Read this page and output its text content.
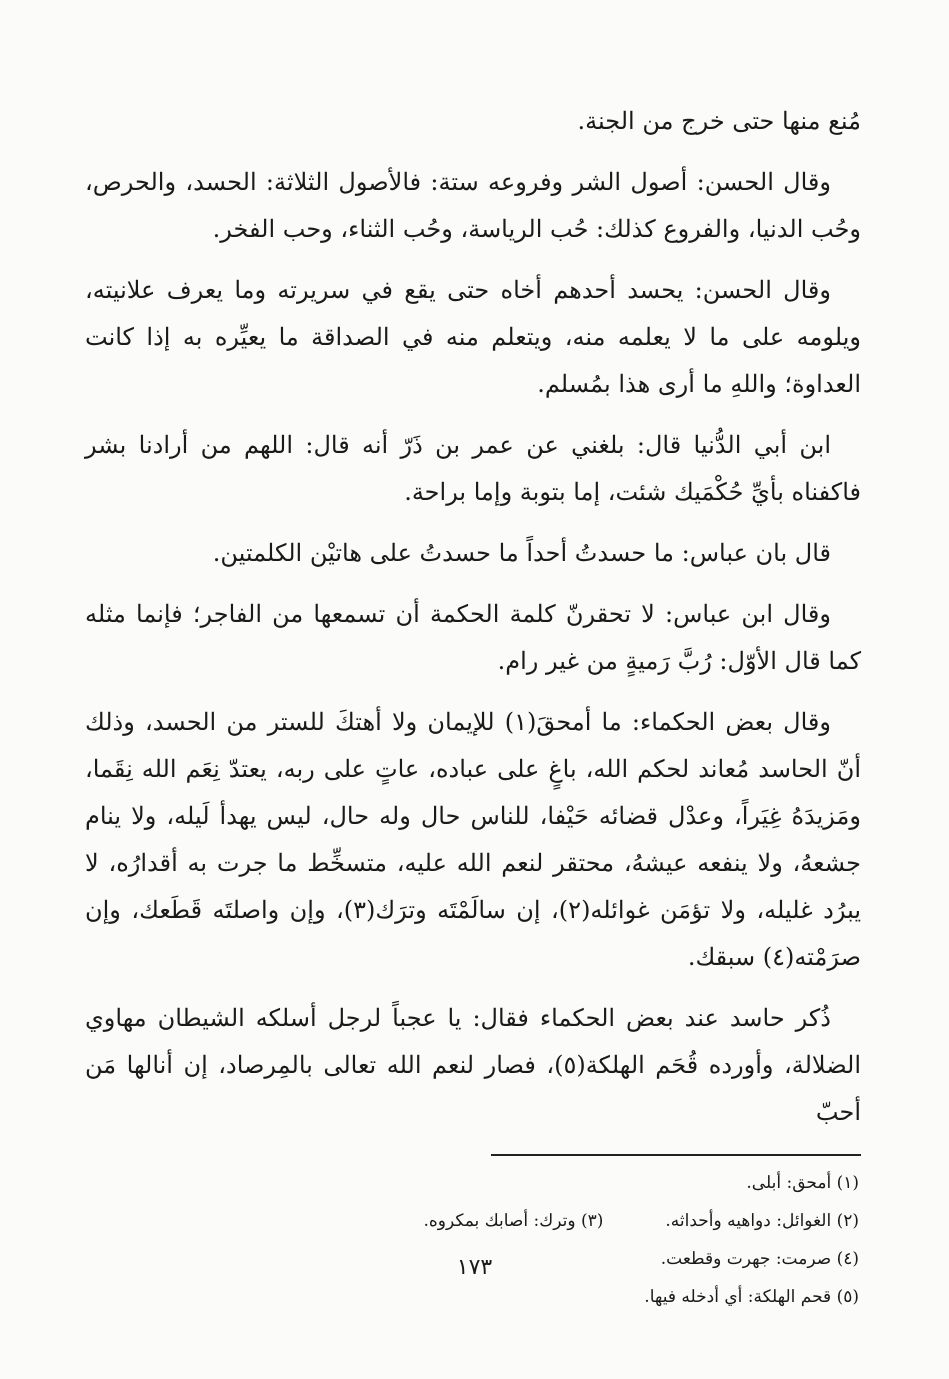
مُنع منها حتى خرج من الجنة.

وقال الحسن: أصول الشر وفروعه ستة: فالأصول الثلاثة: الحسد، والحرص، وحُب الدنيا، والفروع كذلك: حُب الرياسة، وحُب الثناء، وحب الفخر.

وقال الحسن: يحسد أحدهم أخاه حتى يقع في سريرته وما يعرف علانيته، ويلومه على ما لا يعلمه منه، ويتعلم منه في الصداقة ما يعيِّره به إذا كانت العداوة؛ واللهِ ما أرى هذا بمُسلم.

ابن أبي الدُّنيا قال: بلغني عن عمر بن ذَرّ أنه قال: اللهم من أرادنا بشر فاكفناه بأيِّ حُكْمَيك شئت، إما بتوبة وإما براحة.

قال بان عباس: ما حسدتُ أحداً ما حسدتُ على هاتيْن الكلمتين.

وقال ابن عباس: لا تحقرنّ كلمة الحكمة أن تسمعها من الفاجر؛ فإنما مثله كما قال الأوّل: رُبَّ رَميةٍ من غير رام.

وقال بعض الحكماء: ما أمحقَ(١) للإيمان ولا أهتكَ للستر من الحسد، وذلك أنّ الحاسد مُعاند لحكم الله، باغٍ على عباده، عاتٍ على ربه، يعتدّ نِعَم الله نِقَما، ومَزيدَهُ غِيَراً، وعدْل قضائه حَيْفا، للناس حال وله حال، ليس يهدأ لَيله، ولا ينام جشعهُ، ولا ينفعه عيشهُ، محتقر لنعم الله عليه، متسخِّط ما جرت به أقدارُه، لا يبرُد غليله، ولا تؤمَن غوائله(٢)، إن سالَمْتَه وترَك(٣)، وإن واصلتَه قَطَعك، وإن صرَمْته(٤) سبقك.

ذُكر حاسد عند بعض الحكماء فقال: يا عجباً لرجل أسلكه الشيطان مهاوي الضلالة، وأورده قُحَم الهلكة(٥)، فصار لنعم الله تعالى بالمِرصاد، إن أنالها مَن أحبّ

(١) أمحق: أبلى.

(٢) الغوائل: دواهيه وأحداثه.

(٣) وترك: أصابك بمكروه.

(٤) صرمت: جهرت وقطعت.

(٥) قحم الهلكة: أي أدخله فيها.

١٧٣
